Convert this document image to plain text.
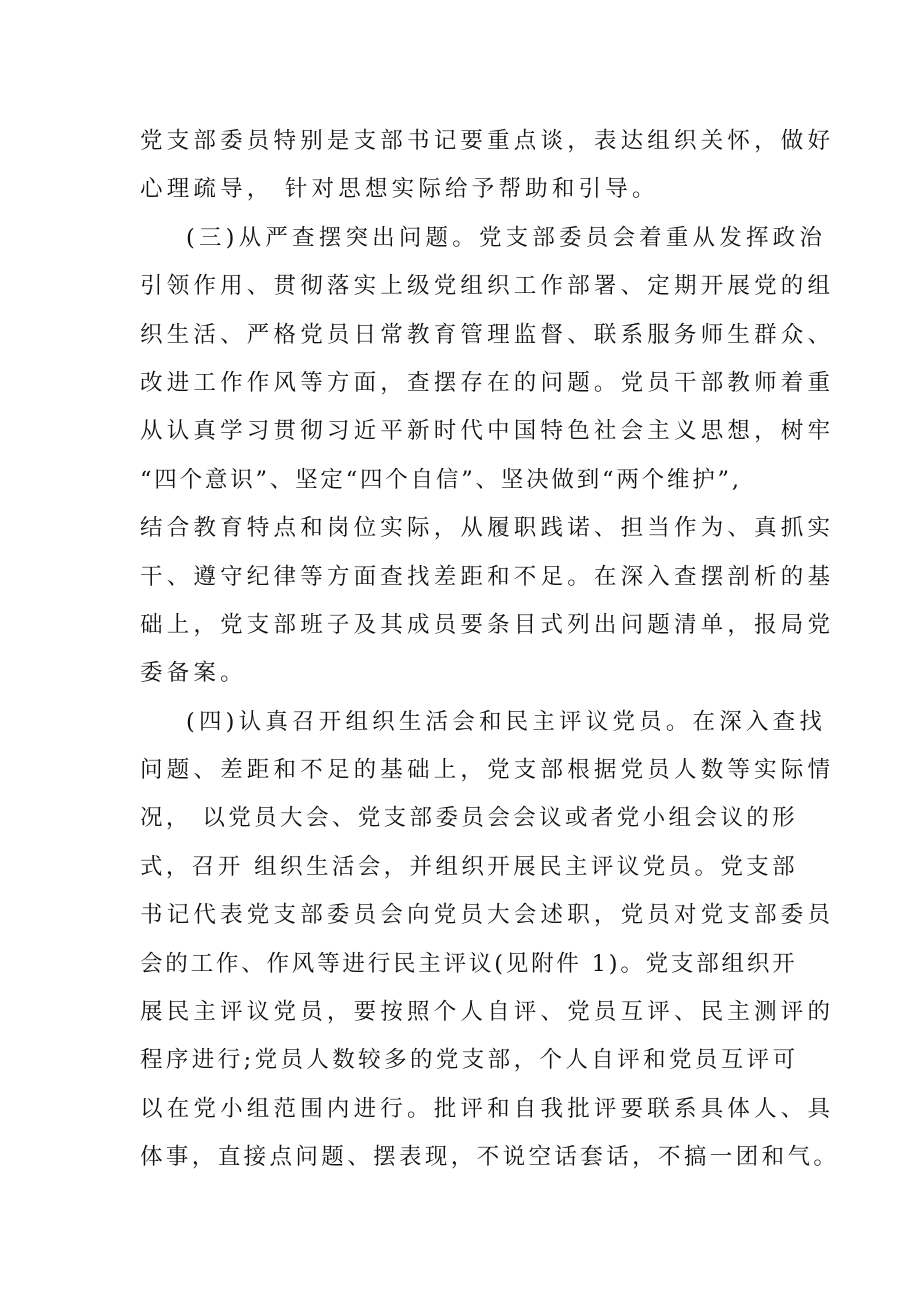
党支部委员特别是支部书记要重点谈，表达组织关怀，做好
心理疏导， 针对思想实际给予帮助和引导。
(三)从严查摆突出问题。党支部委员会着重从发挥政治
引领作用、贯彻落实上级党组织工作部署、定期开展党的组
织生活、严格党员日常教育管理监督、联系服务师生群众、
改进工作作风等方面，查摆存在的问题。党员干部教师着重
从认真学习贯彻习近平新时代中国特色社会主义思想，树牢
“四个意识”、坚定“四个自信”、坚决做到“两个维护”,
结合教育特点和岗位实际，从履职践诺、担当作为、真抓实
干、遵守纪律等方面查找差距和不足。在深入查摆剖析的基
础上，党支部班子及其成员要条目式列出问题清单，报局党
委备案。
(四)认真召开组织生活会和民主评议党员。在深入查找
问题、差距和不足的基础上，党支部根据党员人数等实际情
况， 以党员大会、党支部委员会会议或者党小组会议的形
式，召开 组织生活会，并组织开展民主评议党员。党支部
书记代表党支部委员会向党员大会述职，党员对党支部委员
会的工作、作风等进行民主评议(见附件 1)。党支部组织开
展民主评议党员，要按照个人自评、党员互评、民主测评的
程序进行;党员人数较多的党支部，个人自评和党员互评可
以在党小组范围内进行。批评和自我批评要联系具体人、具
体事，直接点问题、摆表现，不说空话套话，不搞一团和气。
